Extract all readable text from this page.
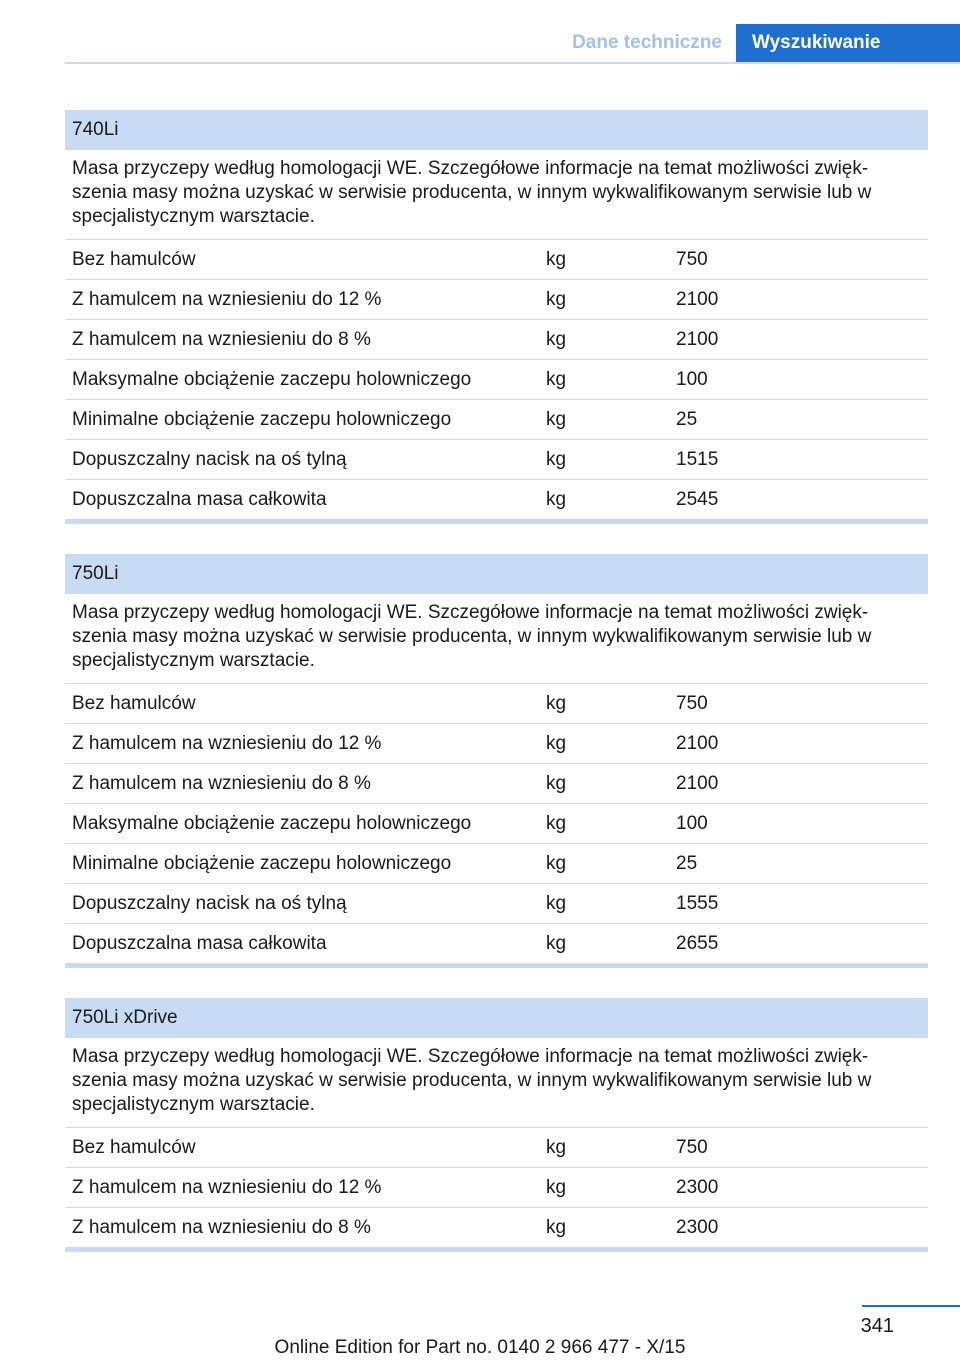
Dane techniczne	Wyszukiwanie
740Li
Masa przyczepy według homologacji WE. Szczegółowe informacje na temat możliwości zwiększenia masy można uzyskać w serwisie producenta, w innym wykwalifikowanym serwisie lub w specjalistycznym warsztacie.
Bez hamulców	kg	750
Z hamulcem na wzniesieniu do 12 %	kg	2100
Z hamulcem na wzniesieniu do 8 %	kg	2100
Maksymalne obciążenie zaczepu holowniczego	kg	100
Minimalne obciążenie zaczepu holowniczego	kg	25
Dopuszczalny nacisk na oś tylną	kg	1515
Dopuszczalna masa całkowita	kg	2545
750Li
Masa przyczepy według homologacji WE. Szczegółowe informacje na temat możliwości zwiększenia masy można uzyskać w serwisie producenta, w innym wykwalifikowanym serwisie lub w specjalistycznym warsztacie.
Bez hamulców	kg	750
Z hamulcem na wzniesieniu do 12 %	kg	2100
Z hamulcem na wzniesieniu do 8 %	kg	2100
Maksymalne obciążenie zaczepu holowniczego	kg	100
Minimalne obciążenie zaczepu holowniczego	kg	25
Dopuszczalny nacisk na oś tylną	kg	1555
Dopuszczalna masa całkowita	kg	2655
750Li xDrive
Masa przyczepy według homologacji WE. Szczegółowe informacje na temat możliwości zwiększenia masy można uzyskać w serwisie producenta, w innym wykwalifikowanym serwisie lub w specjalistycznym warsztacie.
Bez hamulców	kg	750
Z hamulcem na wzniesieniu do 12 %	kg	2300
Z hamulcem na wzniesieniu do 8 %	kg	2300
341
Online Edition for Part no. 0140 2 966 477 - X/15
